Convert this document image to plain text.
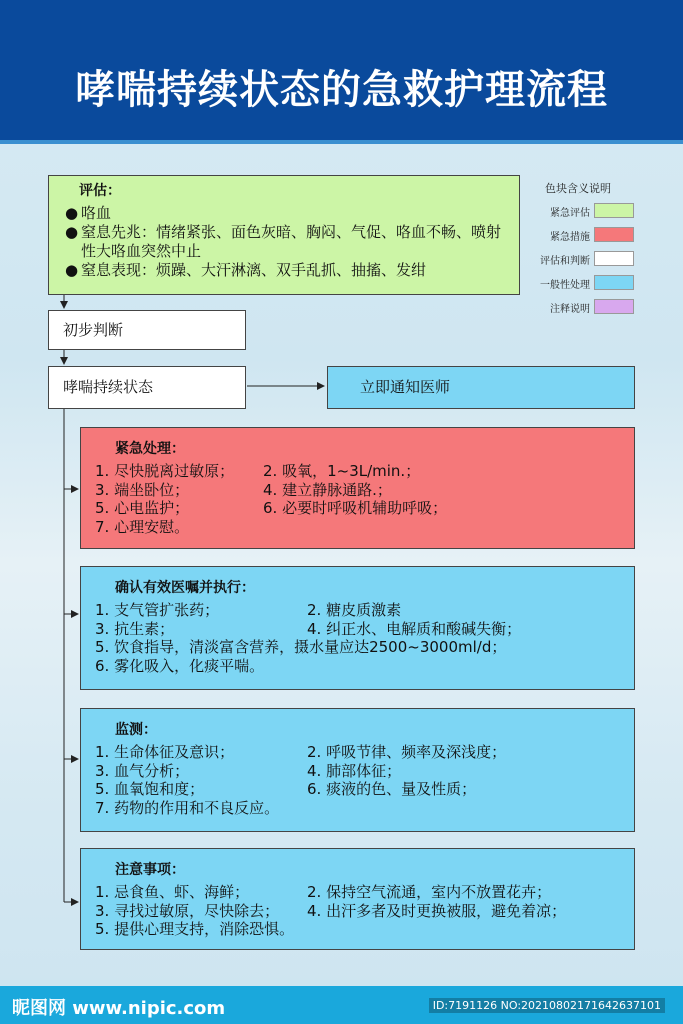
哮喘持续状态的急救护理流程
评估：
● 咯血
● 窒息先兆：情绪紧张、面色灰暗、胸闷、气促、咯血不畅、喷射性大咯血突然中止
● 窒息表现：烦躁、大汗淋漓、双手乱抓、抽搐、发绀
色块含义说明
紧急评估
紧急措施
评估和判断
一般性处理
注释说明
初步判断
哮喘持续状态	立即通知医师
紧急处理：
1. 尽快脱离过敏原；	2. 吸氧，1~3L/min.；
3. 端坐卧位；	4. 建立静脉通路.；
5. 心电监护；	6. 必要时呼吸机辅助呼吸；
7. 心理安慰。
确认有效医嘱并执行：
1. 支气管扩张药；	2. 糖皮质激素
3. 抗生素；	4. 纠正水、电解质和酸碱失衡；
5. 饮食指导，清淡富含营养，摄水量应达2500~3000ml/d；
6. 雾化吸入，化痰平喘。
监测：
1. 生命体征及意识；	2. 呼吸节律、频率及深浅度；
3. 血气分析；	4. 肺部体征；
5. 血氧饱和度；	6. 痰液的色、量及性质；
7. 药物的作用和不良反应。
注意事项：
1. 忌食鱼、虾、海鲜；	2. 保持空气流通，室内不放置花卉；
3. 寻找过敏原，尽快除去；	4. 出汗多者及时更换被服，避免着凉；
5. 提供心理支持，消除恐惧。
昵图网 www.nipic.com	ID:7191126 NO:20210802171642637101
